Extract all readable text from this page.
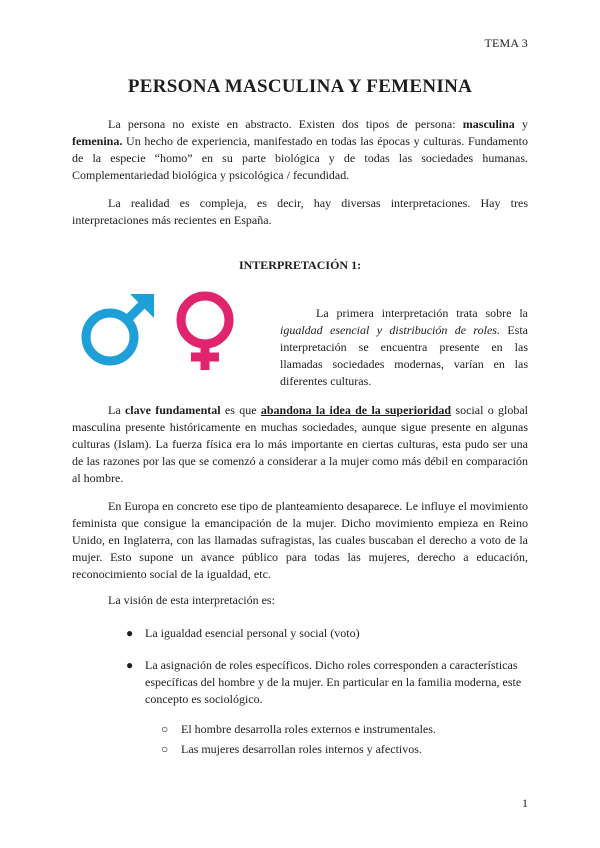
TEMA 3
PERSONA MASCULINA Y FEMENINA

La persona no existe en abstracto. Existen dos tipos de persona: masculina y femenina. Un hecho de experiencia, manifestado en todas las épocas y culturas. Fundamento de la especie “homo” en su parte biológica y de todas las sociedades humanas. Complementariedad biológica y psicológica / fecundidad.

La realidad es compleja, es decir, hay diversas interpretaciones. Hay tres interpretaciones más recientes en España.

INTERPRETACIÓN 1:

La primera interpretación trata sobre la igualdad esencial y distribución de roles. Esta interpretación se encuentra presente en las llamadas sociedades modernas, varían en las diferentes culturas.

La clave fundamental es que abandona la idea de la superioridad social o global masculina presente históricamente en muchas sociedades, aunque sigue presente en algunas culturas (Islam). La fuerza física era lo más importante en ciertas culturas, esta pudo ser una de las razones por las que se comenzó a considerar a la mujer como más débil en comparación al hombre.

En Europa en concreto ese tipo de planteamiento desaparece. Le influye el movimiento feminista que consigue la emancipación de la mujer. Dicho movimiento empieza en Reino Unido, en Inglaterra, con las llamadas sufragistas, las cuales buscaban el derecho a voto de la mujer. Esto supone un avance público para todas las mujeres, derecho a educación, reconocimiento social de la igualdad, etc.

La visión de esta interpretación es:
● La igualdad esencial personal y social (voto)
● La asignación de roles específicos. Dicho roles corresponden a características específicas del hombre y de la mujer. En particular en la familia moderna, este concepto es sociológico.
○ El hombre desarrolla roles externos e instrumentales.
○ Las mujeres desarrollan roles internos y afectivos.
1
